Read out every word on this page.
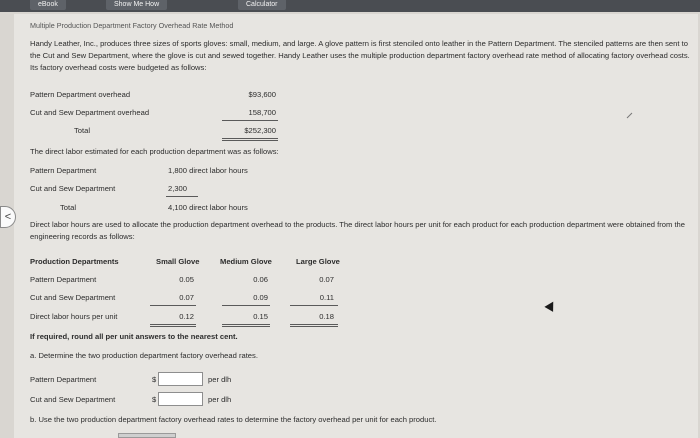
eBook	Show Me How	Calculator
<
Multiple Production Department Factory Overhead Rate Method
Handy Leather, Inc., produces three sizes of sports gloves: small, medium, and large. A glove pattern is first stenciled onto leather in the Pattern Department. The stenciled patterns are then sent to the Cut and Sew Department, where the glove is cut and sewed together. Handy Leather uses the multiple production department factory overhead rate method of allocating factory overhead costs. Its factory overhead costs were budgeted as follows:
Pattern Department overhead	$93,600
Cut and Sew Department overhead	158,700
Total	$252,300
The direct labor estimated for each production department was as follows:
Pattern Department	1,800 direct labor hours
Cut and Sew Department	2,300
Total	4,100 direct labor hours
Direct labor hours are used to allocate the production department overhead to the products. The direct labor hours per unit for each product for each production department were obtained from the engineering records as follows:
Production Departments	Small Glove	Medium Glove	Large Glove
Pattern Department	0.05	0.06	0.07
Cut and Sew Department	0.07	0.09	0.11
Direct labor hours per unit	0.12	0.15	0.18
If required, round all per unit answers to the nearest cent.
a. Determine the two production department factory overhead rates.
Pattern Department	$	per dlh
Cut and Sew Department	$	per dlh
b. Use the two production department factory overhead rates to determine the factory overhead per unit for each product.
